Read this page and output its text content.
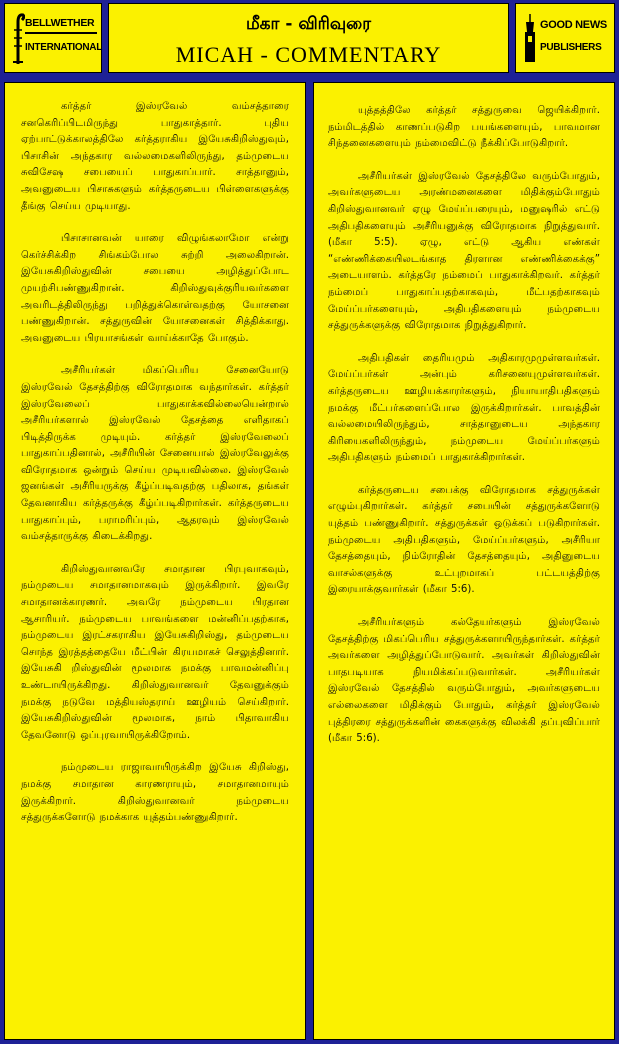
BELLWETHER
INTERNATIONAL
மீகா - விரிவுரை
MICAH - COMMENTARY
GOOD NEWS
PUBLISHERS

கர்த்தர் இஸ்ரவேல் வம்சத்தாரை சனகெரிப்பிடமிருந்து பாதுகாத்தார். புதிய ஏற்பாட்டுக்காலத்திலே கர்த்தராகிய இயேசுகிறிஸ்துவும், பிசாசின் அந்தகார வல்லமைகளிலிருந்து, தம்முடைய சுவிசேஷ சபையைப் பாதுகாப்பார். சாத்தானும், அவனுடைய பிசாசுகளும் கர்த்தருடைய பிள்ளைகளுக்கு தீங்கு செய்ய முடியாது.

பிசாசானவன் யாரை விழுங்கலாமோ என்று கெர்ச்சிக்கிற சிங்கம்போல சுற்றி அலைகிறான். இயேசுகிறிஸ்துவின் சபையை அழித்துப்போட முயற்சிபண்ணுகிறான். கிறிஸ்துவுக்குரியவர்களை அவரிடத்திலிருந்து பறித்துக்கொள்வதற்கு யோசனை பண்ணுகிறான். சத்துருவின் யோசனைகள் சித்திக்காது. அவனுடைய பிரயாசங்கள் வாய்க்காதே போகும்.

அசீரியர்கள் மிகப்பெரிய சேனையோடு இஸ்ரவேல் தேசத்திற்கு விரோதமாக வந்தார்கள். கர்த்தர் இஸ்ரவேலைப் பாதுகாக்கவில்லையென்றால் அசீரியர்களால் இஸ்ரவேல் தேசத்தை எளிதாகப் பிடித்திருக்க முடியும். கர்த்தர் இஸ்ரவேலைப் பாதுகாப்பதினால், அசீரியின் சேனையால் இஸ்ரவேலுக்கு விரோதமாக ஒன்றும் செய்ய முடியவில்லை. இஸ்ரவேல் ஜனங்கள் அசீரியருக்கு கீழ்ப்படிவதற்கு பதிலாக, தங்கள் தேவனாகிய கர்த்தருக்கு கீழ்ப்படிகிறார்கள். கர்த்தருடைய பாதுகாப்பும், பராமரிப்பும், ஆதரவும் இஸ்ரவேல் வம்சத்தாருக்கு கிடைக்கிறது.

கிறிஸ்துவானவரே சமாதான பிரபுவாகவும், நம்முடைய சமாதானமாகவும் இருக்கிறார். இவரே சமாதானக்காரணர். அவரே நம்முடைய பிரதான ஆசாரியர். நம்முடைய பாவங்களை மன்னிப்பதற்காக, நம்முடைய இரட்சகராகிய இயேசுகிறிஸ்து, தம்முடைய சொந்த இரத்தத்தையே மீட்பின் கிரயமாகச் செலுத்தினார். இயேசுகி றிஸ்துவின் மூலமாக நமக்கு பாவமன்னிப்பு உண்டாயிருக்கிறது. கிறிஸ்துவானவர் தேவனுக்கும் நமக்கு நடுவே மத்தியஸ்தராய் ஊழியம் செய்கிறார். இயேசுகிறிஸ்துவின் மூலமாக, நாம் பிதாவாகிய தேவனோடு ஒப்புரவாயிருக்கிறோம்.

நம்முடைய ராஜாவாயிருக்கிற இயேசு கிறிஸ்து, நமக்கு சமாதான காரணராயும், சமாதானமாயும் இருக்கிறார். கிறிஸ்துவானவர் நம்முடைய சத்துருக்களோடு நமக்காக யுத்தம்பண்ணுகிறார்.

யுத்தத்திலே கர்த்தர் சத்துருவை ஜெயிக்கிறார். நம்மிடத்தில் காணப்படுகிற பயங்களையும், பாவமான சிந்தனைகளையும் நம்மைவிட்டு நீக்கிப்போடுகிறார்.

அசீரியர்கள் இஸ்ரவேல் தேசத்திலே வரும்போதும், அவர்களுடைய அரண்மனைகளை மிதிக்கும்போதும் கிறிஸ்துவானவர் ஏழு மேய்ப்பரையும், மனுஷரில் எட்டு அதிபதிகளையும் அசீரியனுக்கு விரோதமாக நிறுத்துவார். (மீகா 5:5). ஏழு, எட்டு ஆகிய எண்கள் “எண்ணிக்கையிலடங்காத திரளான எண்ணிக்கைக்கு” அடையாளம். கர்த்தரே நம்மைப் பாதுகாக்கிறவர். கர்த்தர் நம்மைப் பாதுகாப்பதற்காகவும், மீட்பதற்காகவும் மேய்ப்பர்களையும், அதிபதிகளையும் நம்முடைய சத்துருக்களுக்கு விரோதமாக நிறுத்துகிறார்.

அதிபதிகள் தைரியமும் அதிகாரமுமுள்ளவர்கள். மேய்ப்பர்கள் அன்பும் கரிசனையுமுள்ளவர்கள். கர்த்தருடைய ஊழியக்காரர்களும், நியாயாதிபதிகளும் நமக்கு மீட்பர்களைப்போல இருக்கிறார்கள். பாவத்தின் வல்லமையிலிருந்தும், சாத்தானுடைய அந்தகார கிரியைகளிலிருந்தும், நம்முடைய மேய்ப்பர்களும் அதிபதிகளும் நம்மைப் பாதுகாக்கிறார்கள்.

கர்த்தருடைய சபைக்கு விரோதமாக சத்துருக்கள் எழும்புகிறார்கள். கர்த்தர் சபையின் சத்துருக்களோடு யுத்தம் பண்ணுகிறார். சத்துருக்கள் ஒடுக்கப் படுகிறார்கள். நம்முடைய அதிபதிகளும், மேய்ப்பர்களும், அசீரியா தேசத்தையும், நிம்ரோதின் தேசத்தையும், அதினுடைய வாசல்களுக்கு உட்புறமாகப் பட்டயத்திற்கு இரையாக்குவார்கள் (மீகா 5:6).

அசீரியர்களும் கல்தேயர்களும் இஸ்ரவேல் தேசத்திற்கு மிகப்பெரிய சத்துருக்களாயிருந்தார்கள். கர்த்தர் அவர்களை அழித்துப்போடுவார். அவர்கள் கிறிஸ்துவின் பாதபடியாக நியமிக்கப்படுவார்கள். அசீரியர்கள் இஸ்ரவேல் தேசத்தில் வரும்போதும், அவர்களுடைய எல்லைகளை மிதிக்கும் போதும், கர்த்தர் இஸ்ரவேல் புத்திரரை சத்துருக்களின் கைகளுக்கு விலக்கி தப்புவிப்பார் (மீகா 5:6).
